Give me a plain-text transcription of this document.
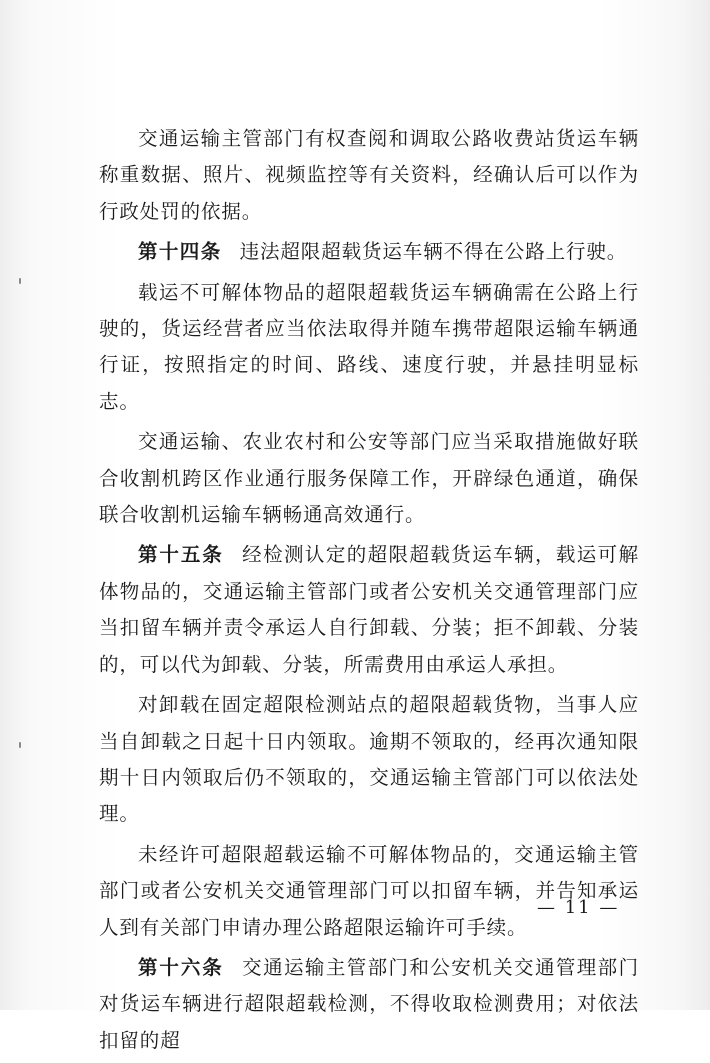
交通运输主管部门有权查阅和调取公路收费站货运车辆称重数据、照片、视频监控等有关资料，经确认后可以作为行政处罚的依据。

第十四条 违法超限超载货运车辆不得在公路上行驶。

载运不可解体物品的超限超载货运车辆确需在公路上行驶的，货运经营者应当依法取得并随车携带超限运输车辆通行证，按照指定的时间、路线、速度行驶，并悬挂明显标志。

交通运输、农业农村和公安等部门应当采取措施做好联合收割机跨区作业通行服务保障工作，开辟绿色通道，确保联合收割机运输车辆畅通高效通行。

第十五条 经检测认定的超限超载货运车辆，载运可解体物品的，交通运输主管部门或者公安机关交通管理部门应当扣留车辆并责令承运人自行卸载、分装；拒不卸载、分装的，可以代为卸载、分装，所需费用由承运人承担。

对卸载在固定超限检测站点的超限超载货物，当事人应当自卸载之日起十日内领取。逾期不领取的，经再次通知限期十日内领取后仍不领取的，交通运输主管部门可以依法处理。

未经许可超限超载运输不可解体物品的，交通运输主管部门或者公安机关交通管理部门可以扣留车辆，并告知承运人到有关部门申请办理公路超限运输许可手续。

第十六条 交通运输主管部门和公安机关交通管理部门对货运车辆进行超限超载检测，不得收取检测费用；对依法扣留的超

— 11 —
